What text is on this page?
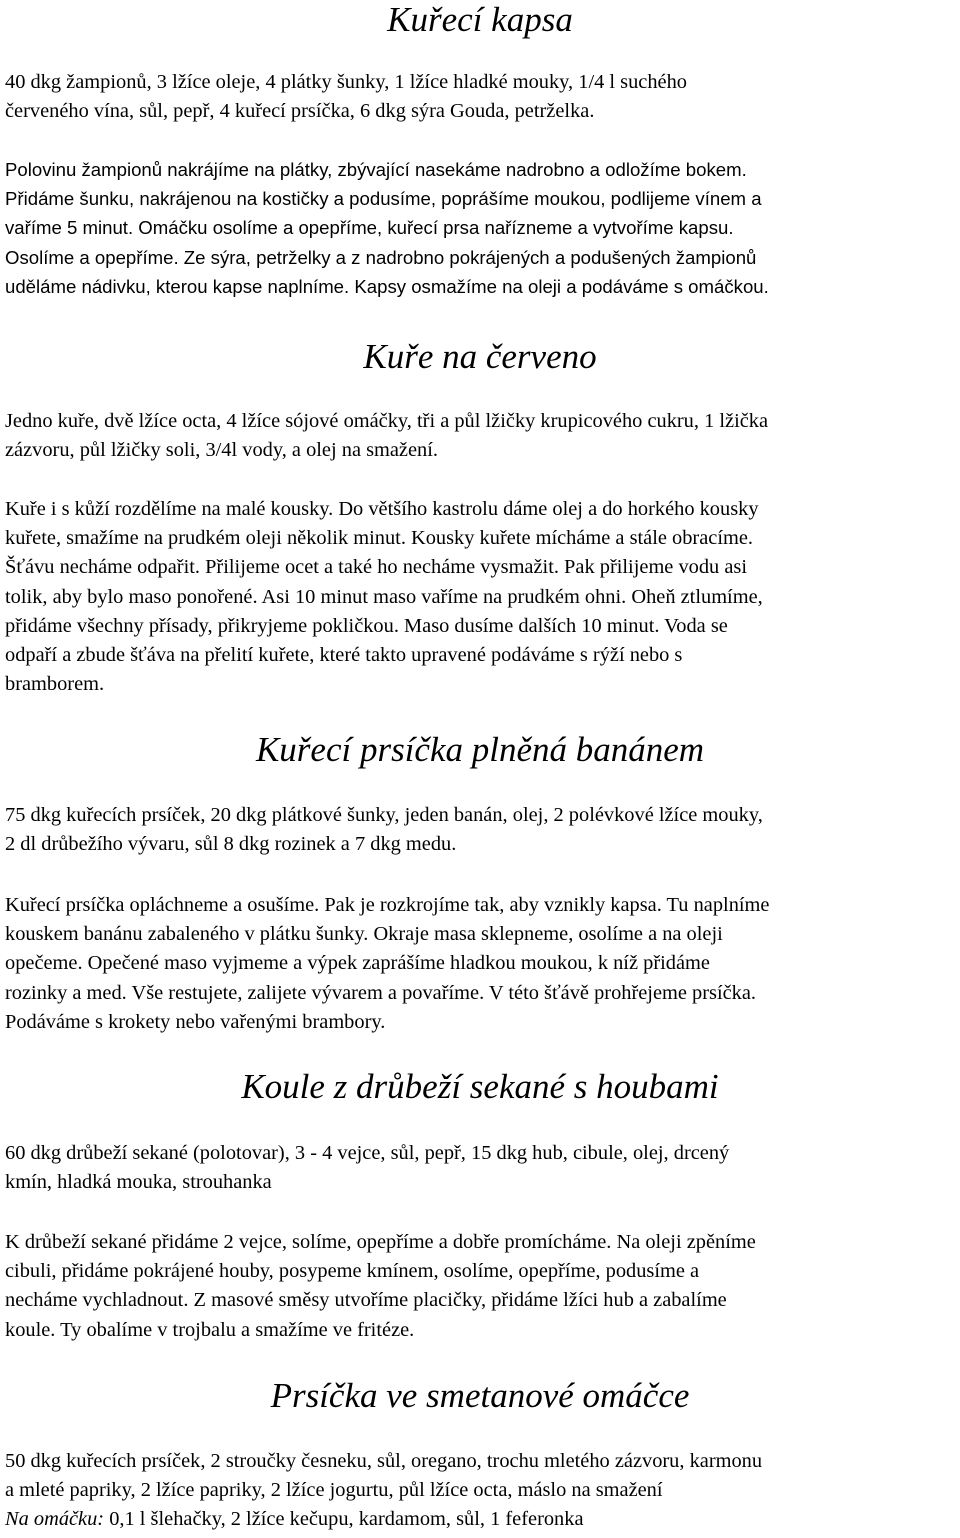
Kuřecí kapsa

40 dkg žampionů, 3 lžíce oleje, 4 plátky šunky, 1 lžíce hladké mouky, 1/4 l suchého
červeného vína, sůl, pepř, 4 kuřecí prsíčka, 6 dkg sýra Gouda, petrželka.

Polovinu žampionů nakrájíme na plátky, zbývající nasekáme nadrobno a odložíme bokem.
Přidáme šunku, nakrájenou na kostičky a podusíme, poprášíme moukou, podlijeme vínem a
vaříme 5 minut. Omáčku osolíme a opepříme, kuřecí prsa nařízneme a vytvoříme kapsu.
Osolíme a opepříme. Ze sýra, petrželky a z nadrobno pokrájených a podušených žampionů
uděláme nádivku, kterou kapse naplníme. Kapsy osmažíme na oleji a podáváme s omáčkou.

Kuře na červeno

Jedno kuře, dvě lžíce octa, 4 lžíce sójové omáčky, tři a půl lžičky krupicového cukru, 1 lžička
zázvoru, půl lžičky soli, 3/4l vody, a olej na smažení.

Kuře i s kůží rozdělíme na malé kousky. Do většího kastrolu dáme olej a do horkého kousky
kuřete, smažíme na prudkém oleji několik minut. Kousky kuřete mícháme a stále obracíme.
Šťávu necháme odpařit. Přilijeme ocet a také ho necháme vysmažit. Pak přilijeme vodu asi
tolik, aby bylo maso ponořené. Asi 10 minut maso vaříme na prudkém ohni. Oheň ztlumíme,
přidáme všechny přísady, přikryjeme pokličkou. Maso dusíme dalších 10 minut. Voda se
odpaří a zbude šťáva na přelití kuřete, které takto upravené podáváme s rýží nebo s
bramborem.

Kuřecí prsíčka plněná banánem

75 dkg kuřecích prsíček, 20 dkg plátkové šunky, jeden banán, olej, 2 polévkové lžíce mouky,
2 dl drůbežího vývaru, sůl 8 dkg rozinek a 7 dkg medu.

Kuřecí prsíčka opláchneme a osušíme. Pak je rozkrojíme tak, aby vznikly kapsa. Tu naplníme
kouskem banánu zabaleného v plátku šunky. Okraje masa sklepneme, osolíme a na oleji
opečeme. Opečené maso vyjmeme a výpek zaprášíme hladkou moukou, k níž přidáme
rozinky a med. Vše restujete, zalijete vývarem a povaříme. V této šťávě prohřejeme prsíčka.
Podáváme s krokety nebo vařenými brambory.

Koule z drůbeží sekané s houbami

60 dkg drůbeží sekané (polotovar), 3 - 4 vejce, sůl, pepř, 15 dkg hub, cibule, olej, drcený
kmín, hladká mouka, strouhanka

K drůbeží sekané přidáme 2 vejce, solíme, opepříme a dobře promícháme. Na oleji zpěníme
cibuli, přidáme pokrájené houby, posypeme kmínem, osolíme, opepříme, podusíme a
necháme vychladnout. Z masové směsy utvoříme placičky, přidáme lžíci hub a zabalíme
koule. Ty obalíme v trojbalu a smažíme ve fritéze.

Prsíčka ve smetanové omáčce

50 dkg kuřecích prsíček, 2 stroučky česneku, sůl, oregano, trochu mletého zázvoru, karmonu
a mleté papriky, 2 lžíce papriky, 2 lžíce jogurtu, půl lžíce octa, máslo na smažení
Na omáčku: 0,1 l šlehačky, 2 lžíce kečupu, kardamom, sůl, 1 feferonka
